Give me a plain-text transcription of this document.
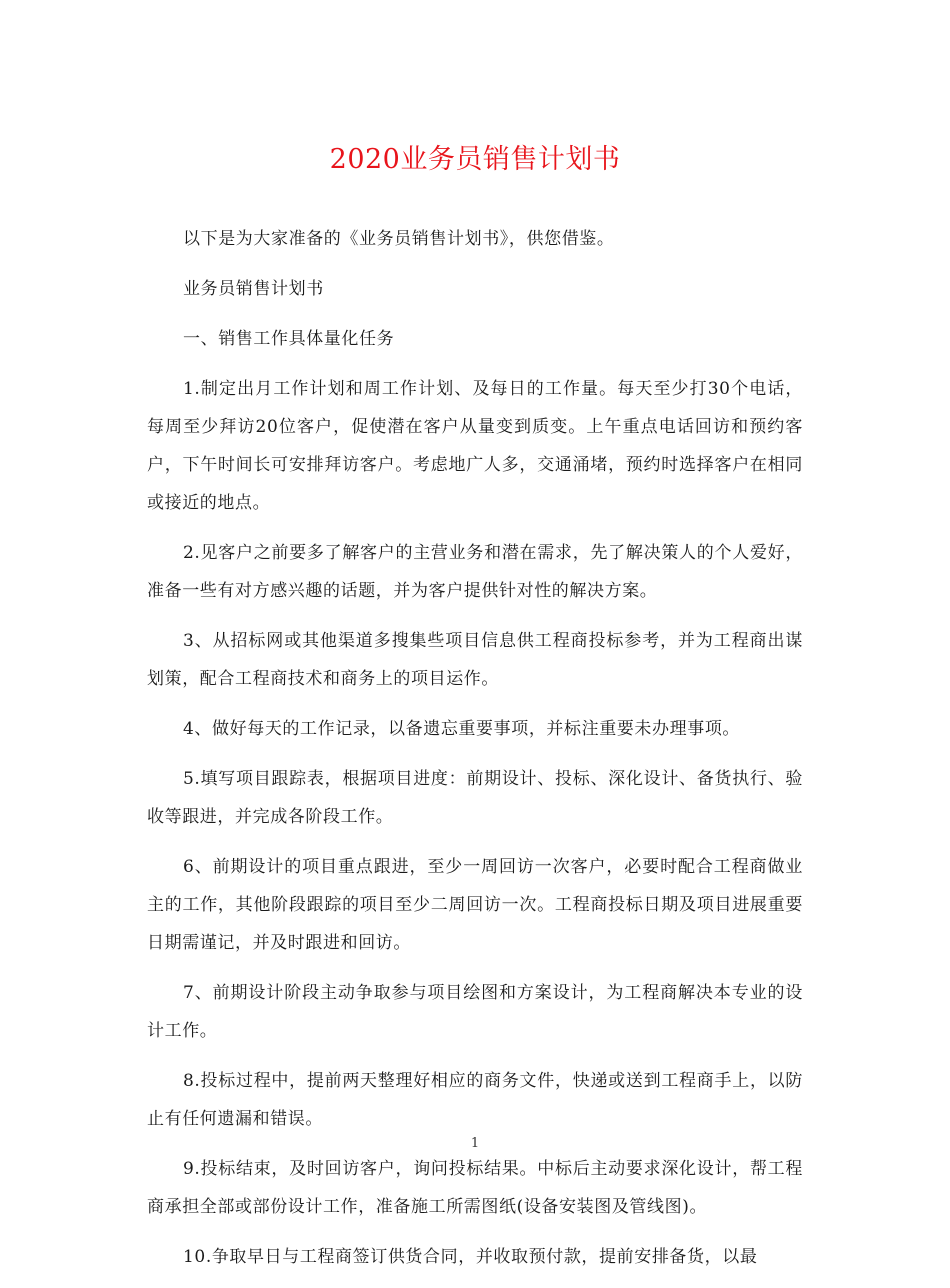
2020业务员销售计划书

以下是为大家准备的《业务员销售计划书》，供您借鉴。

业务员销售计划书

一、销售工作具体量化任务

1.制定出月工作计划和周工作计划、及每日的工作量。每天至少打30个电话，每周至少拜访20位客户，促使潜在客户从量变到质变。上午重点电话回访和预约客户，下午时间长可安排拜访客户。考虑地广人多，交通涌堵，预约时选择客户在相同或接近的地点。

2.见客户之前要多了解客户的主营业务和潜在需求，先了解决策人的个人爱好，准备一些有对方感兴趣的话题，并为客户提供针对性的解决方案。

3、从招标网或其他渠道多搜集些项目信息供工程商投标参考，并为工程商出谋划策，配合工程商技术和商务上的项目运作。

4、做好每天的工作记录，以备遗忘重要事项，并标注重要未办理事项。

5.填写项目跟踪表，根据项目进度：前期设计、投标、深化设计、备货执行、验收等跟进，并完成各阶段工作。

6、前期设计的项目重点跟进，至少一周回访一次客户，必要时配合工程商做业主的工作，其他阶段跟踪的项目至少二周回访一次。工程商投标日期及项目进展重要日期需谨记，并及时跟进和回访。

7、前期设计阶段主动争取参与项目绘图和方案设计，为工程商解决本专业的设计工作。

8.投标过程中，提前两天整理好相应的商务文件，快递或送到工程商手上，以防止有任何遗漏和错误。

9.投标结束，及时回访客户，询问投标结果。中标后主动要求深化设计，帮工程商承担全部或部份设计工作，准备施工所需图纸(设备安装图及管线图)。

10.争取早日与工程商签订供货合同，并收取预付款，提前安排备货，以最

1
